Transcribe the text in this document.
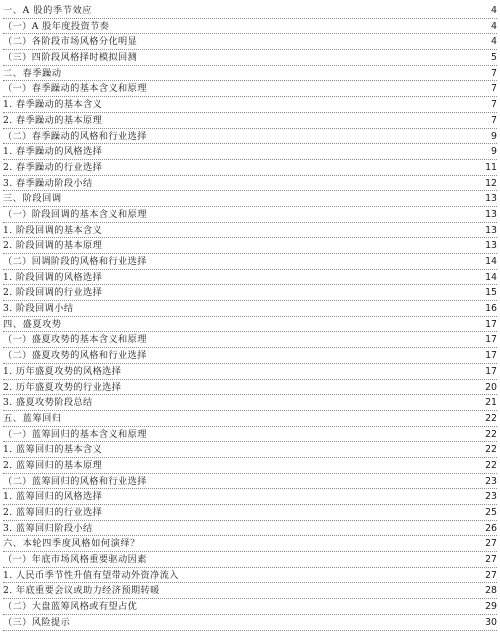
一、A 股的季节效应	4
（一）A 股年度投资节奏	4
（二）各阶段市场风格分化明显	4
（三）四阶段风格择时模拟回测	5
二、春季躁动	7
（一）春季躁动的基本含义和原理	7
1. 春季躁动的基本含义	7
2. 春季躁动的基本原理	7
（二）春季躁动的风格和行业选择	9
1. 春季躁动的风格选择	9
2. 春季躁动的行业选择	11
3. 春季躁动阶段小结	12
三、阶段回调	13
（一）阶段回调的基本含义和原理	13
1. 阶段回调的基本含义	13
2. 阶段回调的基本原理	13
（二）回调阶段的风格和行业选择	14
1. 阶段回调的风格选择	14
2. 阶段回调的行业选择	15
3. 阶段回调小结	16
四、盛夏攻势	17
（一）盛夏攻势的基本含义和原理	17
（二）盛夏攻势的风格和行业选择	17
1. 历年盛夏攻势的风格选择	17
2. 历年盛夏攻势的行业选择	20
3. 盛夏攻势阶段总结	21
五、蓝筹回归	22
（一）蓝筹回归的基本含义和原理	22
1. 蓝筹回归的基本含义	22
2. 蓝筹回归的基本原理	22
（二）蓝筹回归的风格和行业选择	23
1. 蓝筹回归的风格选择	23
2. 蓝筹回归的行业选择	25
3. 蓝筹回归阶段小结	26
六、本轮四季度风格如何演绎？	27
（一）年底市场风格重要驱动因素	27
1. 人民币季节性升值有望带动外资净流入	27
2. 年底重要会议或助力经济预期转暖	28
（二）大盘蓝筹风格或有望占优	29
（三）风险提示	30
